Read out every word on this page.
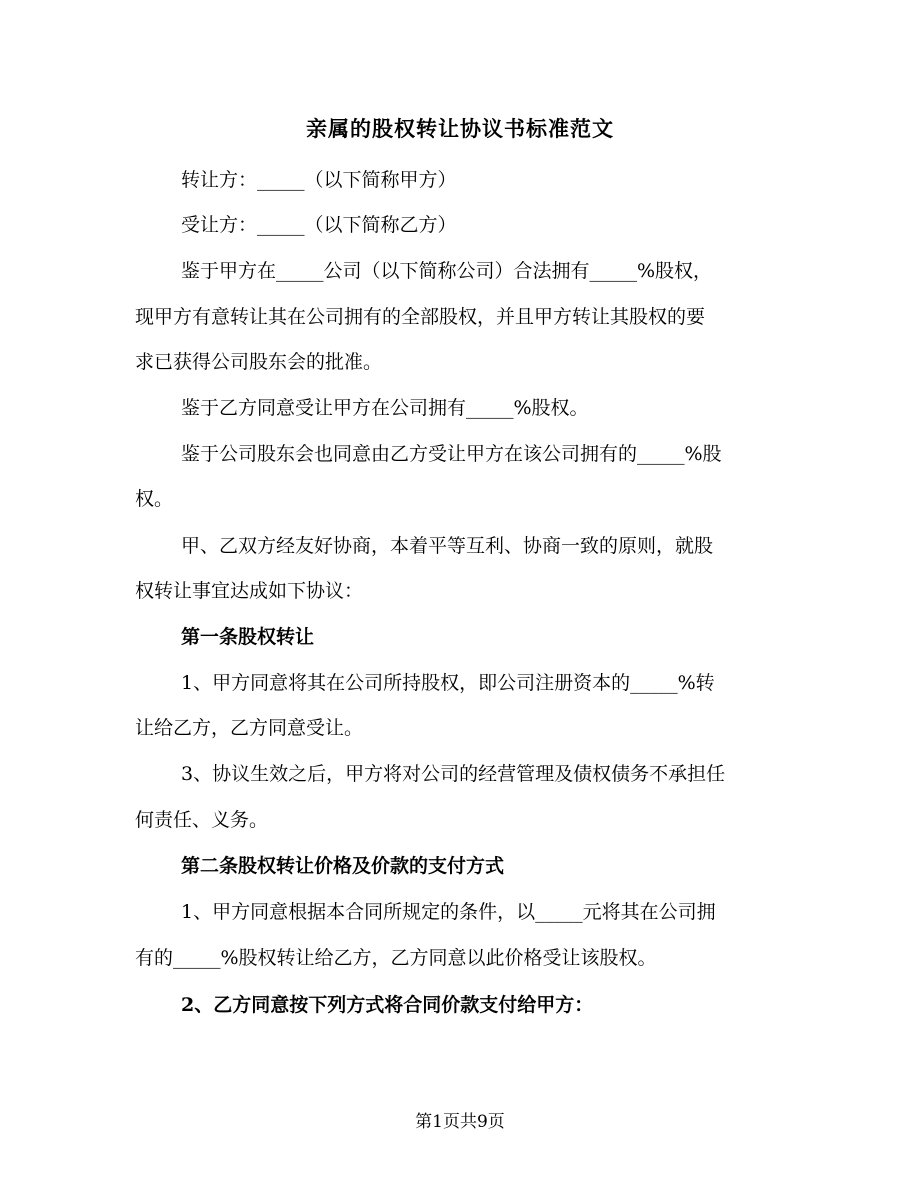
亲属的股权转让协议书标准范文
转让方：_____（以下简称甲方）
受让方：_____（以下简称乙方）
鉴于甲方在_____公司（以下简称公司）合法拥有_____%股权，
现甲方有意转让其在公司拥有的全部股权，并且甲方转让其股权的要
求已获得公司股东会的批准。
鉴于乙方同意受让甲方在公司拥有_____%股权。
鉴于公司股东会也同意由乙方受让甲方在该公司拥有的_____%股
权。
甲、乙双方经友好协商，本着平等互利、协商一致的原则，就股
权转让事宜达成如下协议：
第一条股权转让
1、甲方同意将其在公司所持股权，即公司注册资本的_____%转
让给乙方，乙方同意受让。
3、协议生效之后，甲方将对公司的经营管理及债权债务不承担任
何责任、义务。
第二条股权转让价格及价款的支付方式
1、甲方同意根据本合同所规定的条件，以_____元将其在公司拥
有的_____%股权转让给乙方，乙方同意以此价格受让该股权。
2、乙方同意按下列方式将合同价款支付给甲方：
第1页共9页
